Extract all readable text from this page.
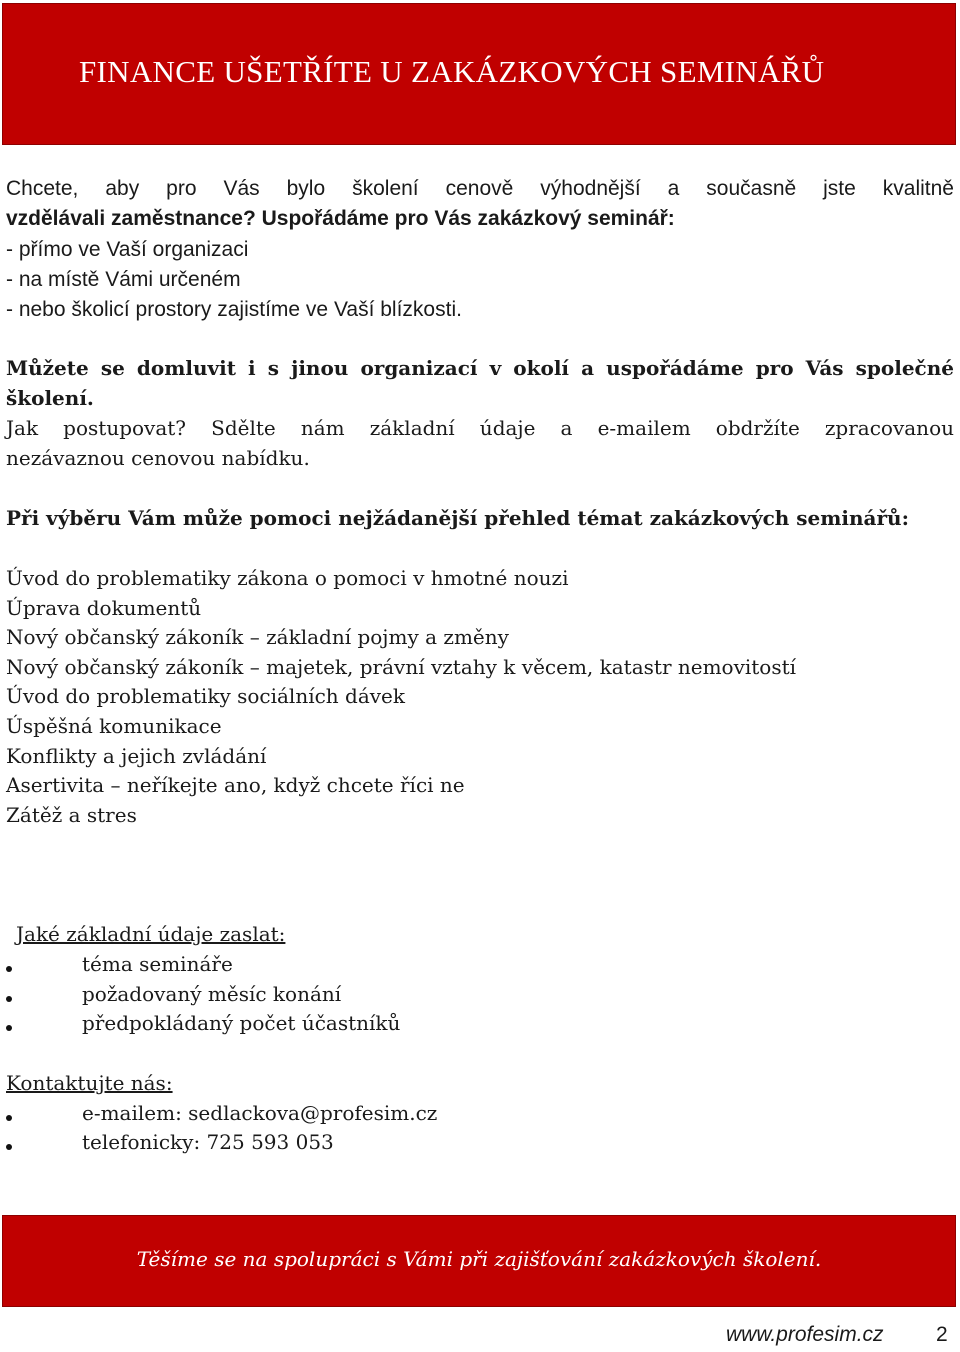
FINANCE UŠETŘÍTE U ZAKÁZKOVÝCH SEMINÁŘŮ
Chcete, aby pro Vás bylo školení cenově výhodnější a současně jste kvalitně
vzdělávali zaměstnance? Uspořádáme pro Vás zakázkový seminář:
- přímo ve Vaší organizaci
- na místě Vámi určeném
- nebo školicí prostory zajistíme ve Vaší blízkosti.
Můžete se domluvit i s jinou organizací v okolí a uspořádáme pro Vás společné
školení.
Jak postupovat? Sdělte nám základní údaje a e-mailem obdržíte zpracovanou
nezávaznou cenovou nabídku.
Při výběru Vám může pomoci nejžádanější přehled témat zakázkových seminářů:
Úvod do problematiky zákona o pomoci v hmotné nouzi
Úprava dokumentů
Nový občanský zákoník – základní pojmy a změny
Nový občanský zákoník – majetek, právní vztahy k věcem, katastr nemovitostí
Úvod do problematiky sociálních dávek
Úspěšná komunikace
Konflikty a jejich zvládání
Asertivita – neříkejte ano, když chcete říci ne
Zátěž a stres
Jaké základní údaje zaslat:
téma semináře
požadovaný měsíc konání
předpokládaný počet účastníků
Kontaktujte nás:
e-mailem: sedlackova@profesim.cz
telefonicky: 725 593 053
Těšíme se na spolupráci s Vámi při zajišťování zakázkových školení.
www.profesim.cz 2
